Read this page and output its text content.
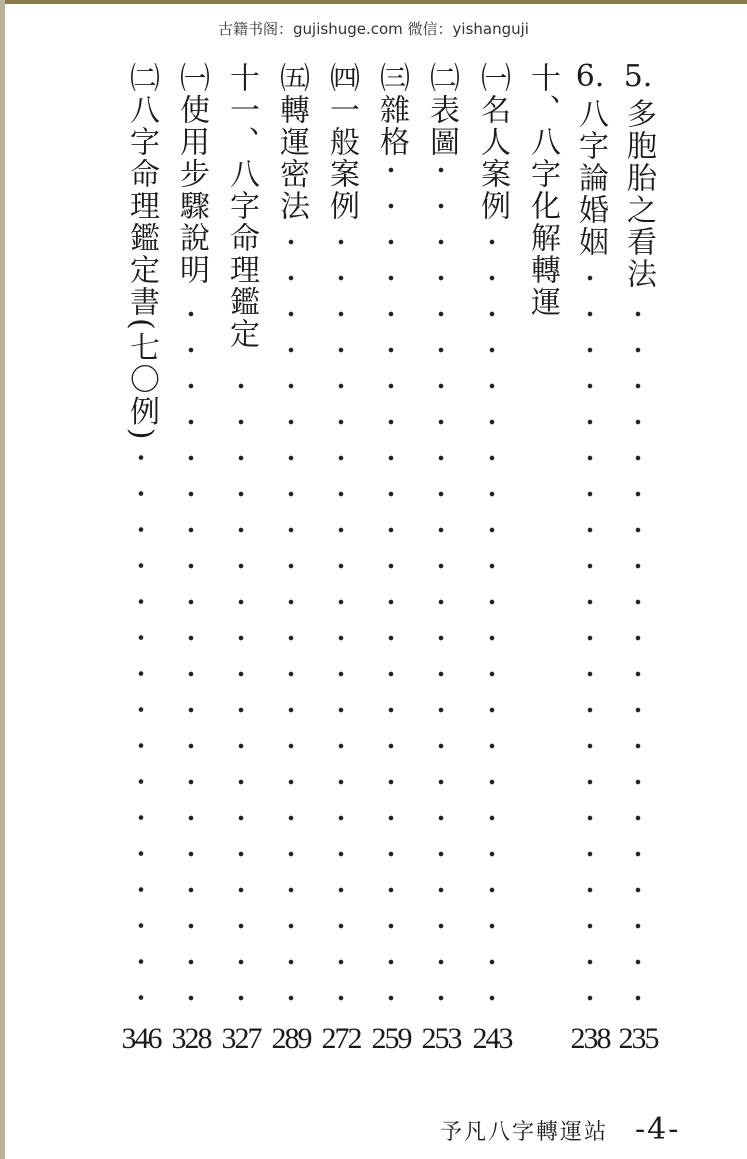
古籍书阁：gujishuge.com 微信：yishanguji
5.
多胞胎之看法
235
6.
八字論婚姻
238
十、八字化解轉運
㈠名人案例
243
㈡表圖
253
㈢雜格
259
㈣一般案例
272
㈤轉運密法
289
十一、八字命理鑑定
327
㈠使用步驟說明
328
㈡八字命理鑑定書(七〇例)
346
予凡八字轉運站 -4-
